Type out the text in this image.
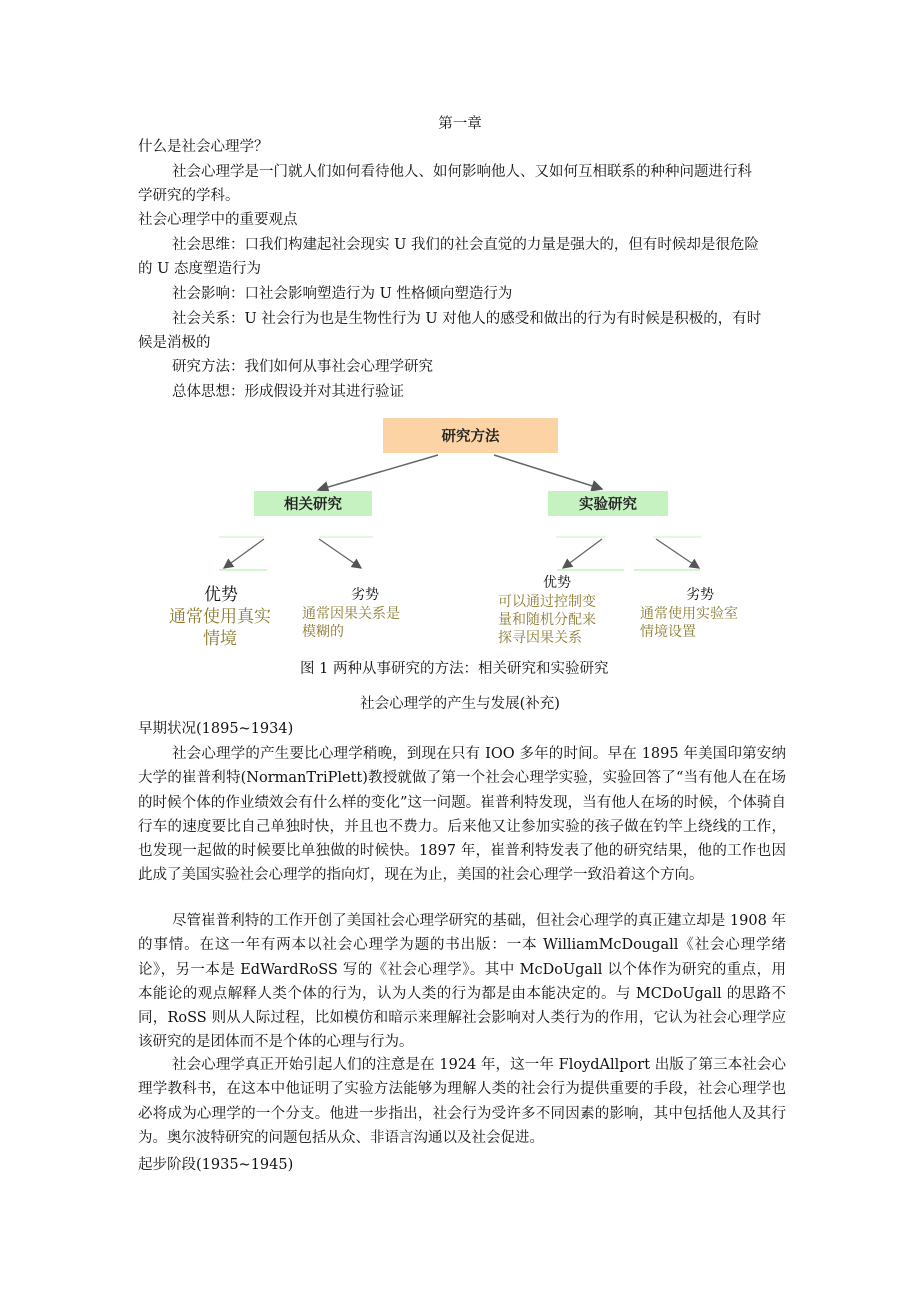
第一章
什么是社会心理学？
社会心理学是一门就人们如何看待他人、如何影响他人、又如何互相联系的种种问题进行科
学研究的学科。
社会心理学中的重要观点
社会思维：口我们构建起社会现实 U 我们的社会直觉的力量是强大的，但有时候却是很危险
的 U 态度塑造行为
社会影响：口社会影响塑造行为 U 性格倾向塑造行为
社会关系：U 社会行为也是生物性行为 U 对他人的感受和做出的行为有时候是积极的，有时
候是消极的
研究方法：我们如何从事社会心理学研究
总体思想：形成假设并对其进行验证
研究方法
相关研究	实验研究
优势
通常使用真实
情境
劣势
通常因果关系是
模糊的
优势
可以通过控制变
量和随机分配来
探寻因果关系
劣势
通常使用实验室
情境设置
图 1 两种从事研究的方法：相关研究和实验研究
社会心理学的产生与发展(补充)
早期状况(1895~1934)
社会心理学的产生要比心理学稍晚，到现在只有 IOO 多年的时间。早在 1895 年美国印第安纳大学的崔普利特(NormanTriPlett)教授就做了第一个社会心理学实验，实验回答了“当有他人在在场的时候个体的作业绩效会有什么样的变化”这一问题。崔普利特发现，当有他人在场的时候，个体骑自行车的速度要比自己单独时快，并且也不费力。后来他又让参加实验的孩子做在钓竿上绕线的工作，也发现一起做的时候要比单独做的时候快。1897 年，崔普利特发表了他的研究结果，他的工作也因此成了美国实验社会心理学的指向灯，现在为止，美国的社会心理学一致沿着这个方向。
尽管崔普利特的工作开创了美国社会心理学研究的基础，但社会心理学的真正建立却是 1908 年的事情。在这一年有两本以社会心理学为题的书出版：一本 WilliamMcDougall《社会心理学绪论》，另一本是 EdWardRoSS 写的《社会心理学》。其中 McDoUgall 以个体作为研究的重点，用本能论的观点解释人类个体的行为，认为人类的行为都是由本能决定的。与 MCDoUgall 的思路不同，RoSS 则从人际过程，比如模仿和暗示来理解社会影响对人类行为的作用，它认为社会心理学应该研究的是团体而不是个体的心理与行为。
社会心理学真正开始引起人们的注意是在 1924 年，这一年 FloydAllport 出版了第三本社会心理学教科书，在这本中他证明了实验方法能够为理解人类的社会行为提供重要的手段，社会心理学也必将成为心理学的一个分支。他进一步指出，社会行为受许多不同因素的影响，其中包括他人及其行为。奥尔波特研究的问题包括从众、非语言沟通以及社会促进。
起步阶段(1935~1945)
